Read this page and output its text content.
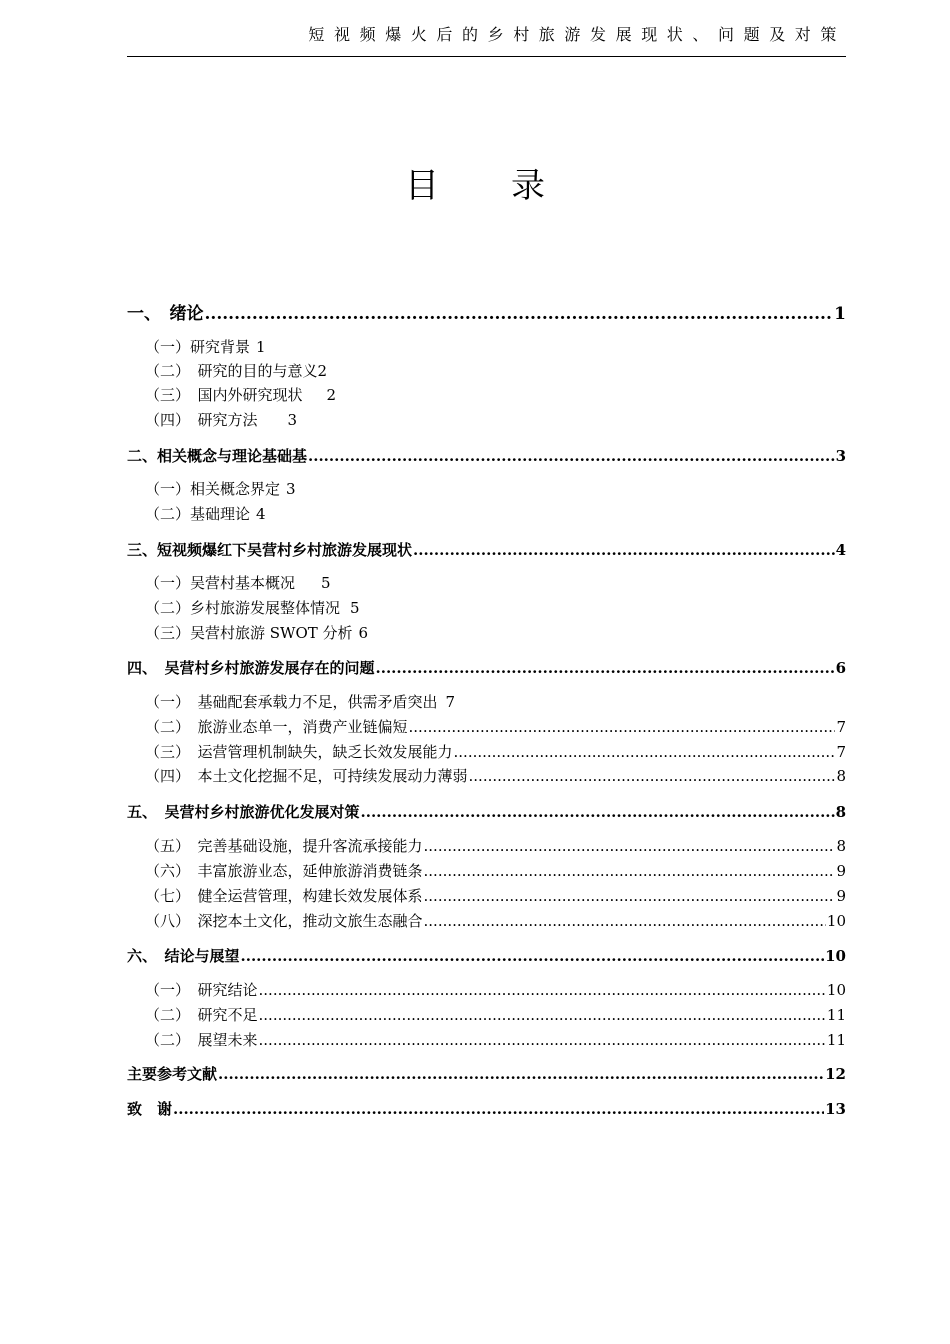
短视频爆火后的乡村旅游发展现状、问题及对策
目 录
一、　绪论 .....	1
（一）研究背景 1
（二）　研究的目的与意义 2
（三）　国内外研究现状 2
（四）　研究方法 3
二、相关概念与理论基础基 .....	3
（一）相关概念界定 3
（二）基础理论 4
三、短视频爆红下吴营村乡村旅游发展现状 .....	4
（一）吴营村基本概况 5
（二）乡村旅游发展整体情况 5
（三）吴营村旅游 SWOT 分析 6
四、　吴营村乡村旅游发展存在的问题 .....	6
（一）　基础配套承载力不足，供需矛盾突出 7
（二）　旅游业态单一，消费产业链偏短 .....	7
（三）　运营管理机制缺失，缺乏长效发展能力 .....	7
（四）　本土文化挖掘不足，可持续发展动力薄弱 .....	8
五、　吴营村乡村旅游优化发展对策 .....	8
（五）　完善基础设施，提升客流承接能力 .....	8
（六）　丰富旅游业态，延伸旅游消费链条 .....	9
（七）　健全运营管理，构建长效发展体系 .....	9
（八）　深挖本土文化，推动文旅生态融合 .....	10
六、　结论与展望 .....	10
（一）　研究结论 .....	10
（二）　研究不足 .....	11
（二）　展望未来 .....	11
主要参考文献 .....	12
致　谢 .....	13
